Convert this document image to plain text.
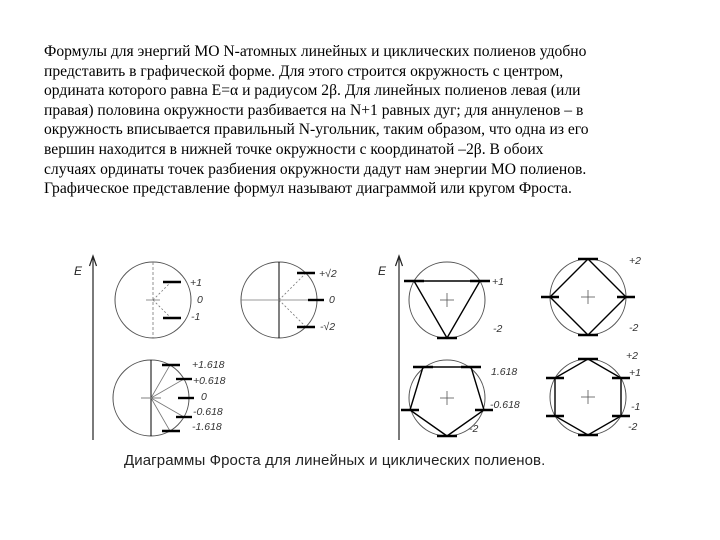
Формулы для энергий МО N-атомных линейных и циклических полиенов удобно
представить в графической форме. Для этого строится окружность с центром,
ордината которого равна Е=α и радиусом 2β. Для линейных полиенов левая (или
правая) половина окружности разбивается на N+1 равных дуг; для аннуленов – в
окружность вписывается правильный N-угольник, таким образом, что одна из его
вершин находится в нижней точке окружности с координатой –2β. В обоих
случаях ординаты точек разбиения окружности дадут нам энергии МО полиенов.
Графическое представление формул называют диаграммой или кругом Фроста.

E	E
+1
0
-1
+√2
0
-√2
+1.618
+0.618
0
-0.618
-1.618
+1
-2
+2
-2
1.618
-0.618
-2
+2
+1
-1
-2
Диаграммы Фроста для линейных и циклических полиенов.
